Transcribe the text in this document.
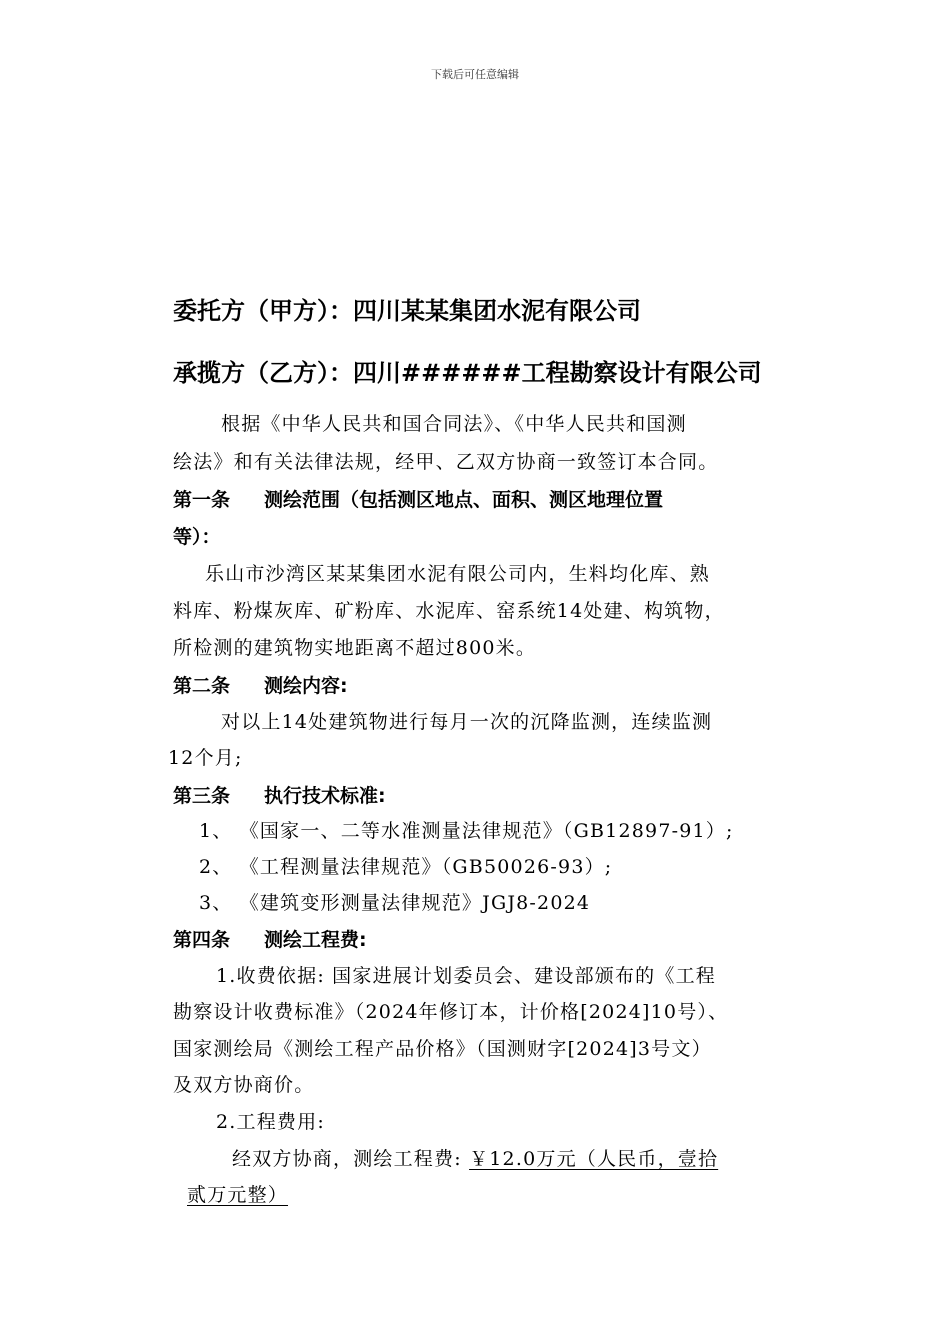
下载后可任意编辑
委托方（甲方）：四川某某集团水泥有限公司
承揽方（乙方）：四川######工程勘察设计有限公司
根据《中华人民共和国合同法》、《中华人民共和国测
绘法》和有关法律法规，经甲、乙双方协商一致签订本合同。
第一条 测绘范围（包括测区地点、面积、测区地理位置
等）：
乐山市沙湾区某某集团水泥有限公司内，生料均化库、熟
料库、粉煤灰库、矿粉库、水泥库、窑系统14处建、构筑物，
所检测的建筑物实地距离不超过800米。
第二条 测绘内容:
对以上14处建筑物进行每月一次的沉降监测，连续监测
12个月;
第三条 执行技术标准:
1、 《国家一、二等水准测量法律规范》（GB12897-91）;
2、 《工程测量法律规范》（GB50026-93）;
3、 《建筑变形测量法律规范》JGJ8-2024
第四条 测绘工程费:
1.收费依据: 国家进展计划委员会、建设部颁布的《工程
勘察设计收费标准》（2024年修订本，计价格[2024]10号）、
国家测绘局《测绘工程产品价格》（国测财字[2024]3号文）
及双方协商价。
2.工程费用:
经双方协商，测绘工程费: ￥12.0万元（人民币，壹拾
贰万元整）
